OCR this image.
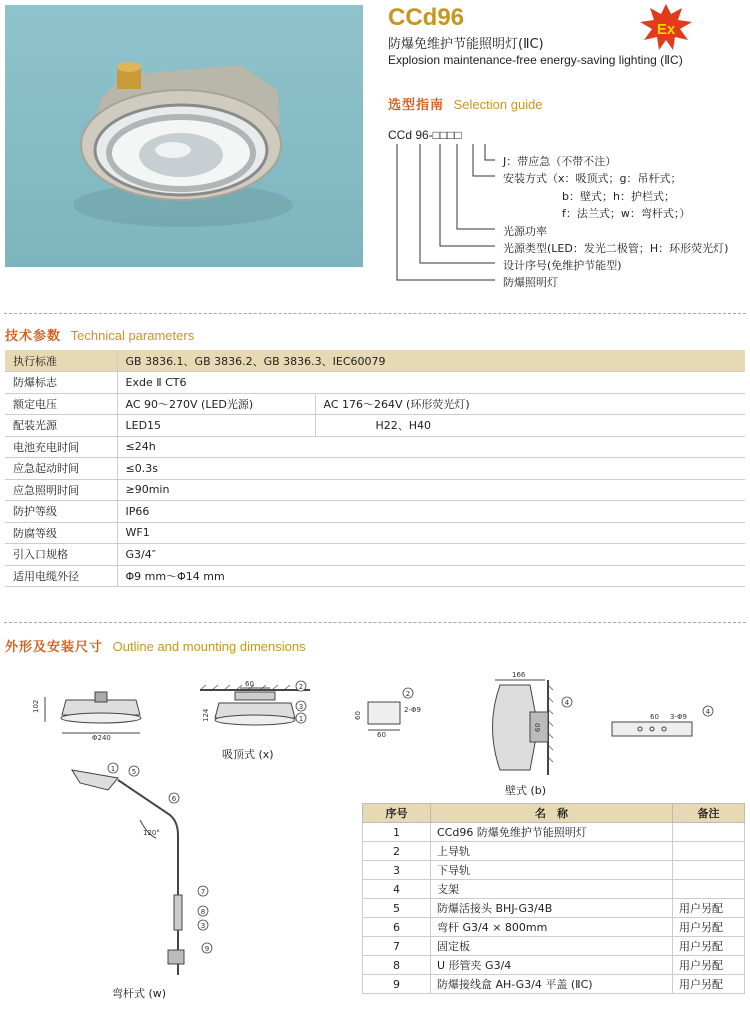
CCd96
防爆免维护节能照明灯(ⅡC)
Explosion maintenance-free energy-saving lighting (ⅡC)
Ex
选型指南 Selection guide
CCd 96-□□□□
J：带应急（不带不注）
安装方式（x：吸顶式；g：吊杆式；
b：壁式；h：护栏式；
f：法兰式；w：弯杆式；）
光源功率
光源类型(LED：发光二极管；H：环形荧光灯)
设计序号(免维护节能型)
防爆照明灯
技术参数 Technical parameters
执行标准	GB 3836.1、GB 3836.2、GB 3836.3、IEC60079	
防爆标志	Exde Ⅱ CT6	
额定电压	AC 90～270V (LED光源)	AC 176～264V (环形荧光灯)
配装光源	LED15	H22、H40
电池充电时间	≤24h	
应急起动时间	≤0.3s	
应急照明时间	≥90min	
防护等级	IP66	
防腐等级	WF1	
引入口规格	G3/4″	
适用电缆外径	Φ9 mm～Φ14 mm	
外形及安装尺寸 Outline and mounting dimensions
102
Φ240
60
124	60
60
2-Φ9
166
60
60 3-Φ9
120°
2
3
1
2
4
4
1 5
6
7
8
3
9
吸顶式 (x)
壁式 (b)
弯杆式 (w)
序号	名　称	备注
1	CCd96 防爆免维护节能照明灯	
2	上导轨	
3	下导轨	
4	支架	
5	防爆活接头 BHJ-G3/4B	用户另配
6	弯杆 G3/4 × 800mm	用户另配
7	固定板	用户另配
8	U 形管夹 G3/4	用户另配
9	防爆接线盒 AH-G3/4 平盖 (ⅡC)	用户另配
